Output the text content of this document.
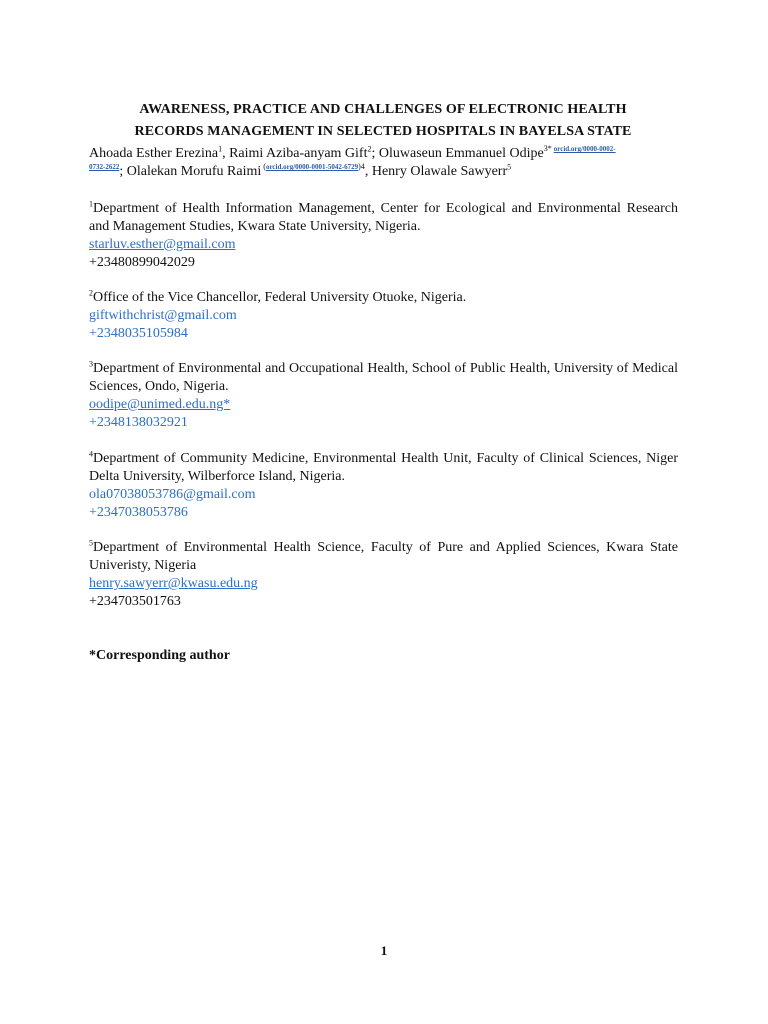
AWARENESS, PRACTICE AND CHALLENGES OF ELECTRONIC HEALTH
RECORDS MANAGEMENT IN SELECTED HOSPITALS IN BAYELSA STATE
Ahoada Esther Erezina$^1$, Raimi Aziba-anyam Gift$^2$; Oluwaseun Emmanuel Odipe$^{3* orcid.org/0000-0002-}$
$^{0732-2622}$; Olalekan Morufu Raimi $^{(orcid.org/0000-0001-5042-6729)4}$, Henry Olawale Sawyerr$^5$
$^1$Department of Health Information Management, Center for Ecological and Environmental Research and Management Studies, Kwara State University, Nigeria.
starluv.esther@gmail.com
+23480899042029
$^2$Office of the Vice Chancellor, Federal University Otuoke, Nigeria.
giftwithchrist@gmail.com
+2348035105984
$^3$Department of Environmental and Occupational Health, School of Public Health, University of Medical Sciences, Ondo, Nigeria.
oodipe@unimed.edu.ng*
+2348138032921
$^4$Department of Community Medicine, Environmental Health Unit, Faculty of Clinical Sciences, Niger Delta University, Wilberforce Island, Nigeria.
ola07038053786@gmail.com
+2347038053786
$^5$Department of Environmental Health Science, Faculty of Pure and Applied Sciences, Kwara State Univeristy, Nigeria
henry.sawyerr@kwasu.edu.ng
+234703501763
*Corresponding author
1
